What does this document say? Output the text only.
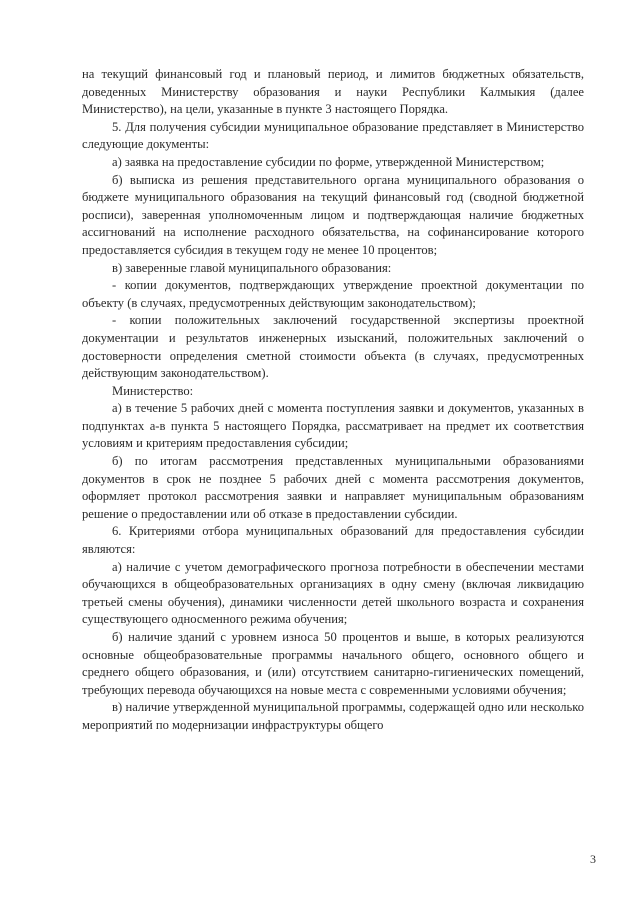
на текущий финансовый год и плановый период, и лимитов бюджетных обязательств, доведенных Министерству образования и науки Республики Калмыкия (далее Министерство), на цели, указанные в пункте 3 настоящего Порядка.

5. Для получения субсидии муниципальное образование представляет в Министерство следующие документы:

а) заявка на предоставление субсидии по форме, утвержденной Министерством;

б) выписка из решения представительного органа муниципального образования о бюджете муниципального образования на текущий финансовый год (сводной бюджетной росписи), заверенная уполномоченным лицом и подтверждающая наличие бюджетных ассигнований на исполнение расходного обязательства, на софинансирование которого предоставляется субсидия в текущем году не менее 10 процентов;

в) заверенные главой муниципального образования:

- копии документов, подтверждающих утверждение проектной документации по объекту (в случаях, предусмотренных действующим законодательством);

- копии положительных заключений государственной экспертизы проектной документации и результатов инженерных изысканий, положительных заключений о достоверности определения сметной стоимости объекта (в случаях, предусмотренных действующим законодательством).

Министерство:

а) в течение 5 рабочих дней с момента поступления заявки и документов, указанных в подпунктах а-в пункта 5 настоящего Порядка, рассматривает на предмет их соответствия условиям и критериям предоставления субсидии;

б) по итогам рассмотрения представленных муниципальными образованиями документов в срок не позднее 5 рабочих дней с момента рассмотрения документов, оформляет протокол рассмотрения заявки и направляет муниципальным образованиям решение о предоставлении или об отказе в предоставлении субсидии.

6. Критериями отбора муниципальных образований для предоставления субсидии являются:

а) наличие с учетом демографического прогноза потребности в обеспечении местами обучающихся в общеобразовательных организациях в одну смену (включая ликвидацию третьей смены обучения), динамики численности детей школьного возраста и сохранения существующего односменного режима обучения;

б) наличие зданий с уровнем износа 50 процентов и выше, в которых реализуются основные общеобразовательные программы начального общего, основного общего и среднего общего образования, и (или) отсутствием санитарно-гигиенических помещений, требующих перевода обучающихся на новые места с современными условиями обучения;

в) наличие утвержденной муниципальной программы, содержащей одно или несколько мероприятий по модернизации инфраструктуры общего

3
